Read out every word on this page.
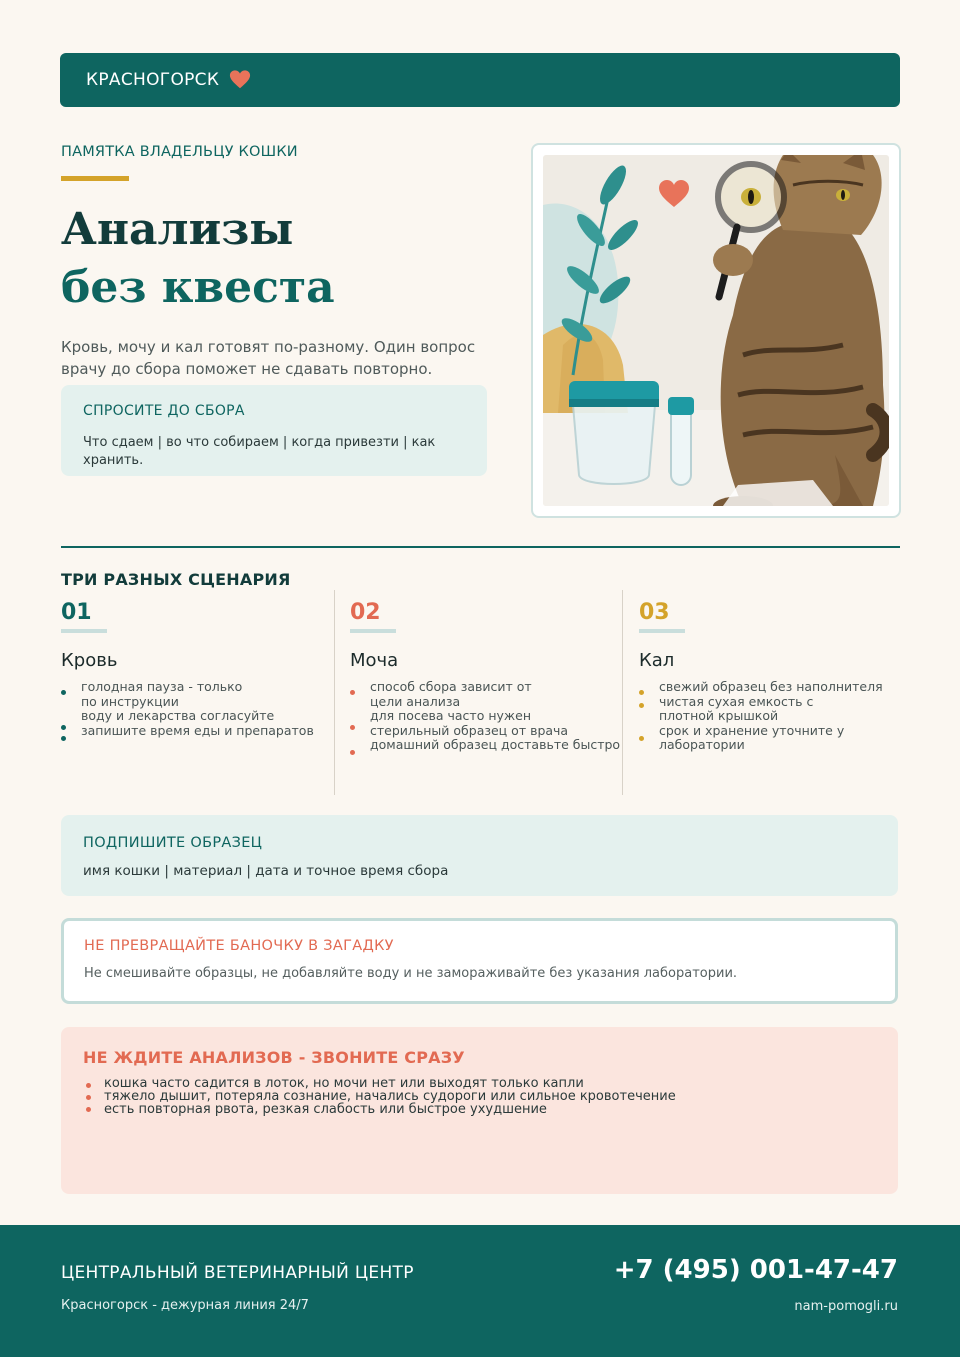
КРАСНОГОРСК
ПАМЯТКА ВЛАДЕЛЬЦУ КОШКИ
Анализы
без квеста
Кровь, мочу и кал готовят по-разному. Один вопрос врачу до сбора поможет не сдавать повторно.
СПРОСИТЕ ДО СБОРА
Что сдаем | во что собираем | когда привезти | как хранить.
ТРИ РАЗНЫХ СЦЕНАРИЯ
01
Кровь
голодная пауза - только по инструкции
воду и лекарства согласуйте
запишите время еды и препаратов
02
Моча
способ сбора зависит от цели анализа
для посева часто нужен стерильный образец от врача
домашний образец доставьте быстро
03
Кал
свежий образец без наполнителя
чистая сухая емкость с плотной крышкой
срок и хранение уточните у лаборатории
ПОДПИШИТЕ ОБРАЗЕЦ
имя кошки | материал | дата и точное время сбора
НЕ ПРЕВРАЩАЙТЕ БАНОЧКУ В ЗАГАДКУ
Не смешивайте образцы, не добавляйте воду и не замораживайте без указания лаборатории.
НЕ ЖДИТЕ АНАЛИЗОВ - ЗВОНИТЕ СРАЗУ
кошка часто садится в лоток, но мочи нет или выходят только капли
тяжело дышит, потеряла сознание, начались судороги или сильное кровотечение
есть повторная рвота, резкая слабость или быстрое ухудшение
ЦЕНТРАЛЬНЫЙ ВЕТЕРИНАРНЫЙ ЦЕНТР
Красногорск - дежурная линия 24/7
+7 (495) 001-47-47
nam-pomogli.ru
